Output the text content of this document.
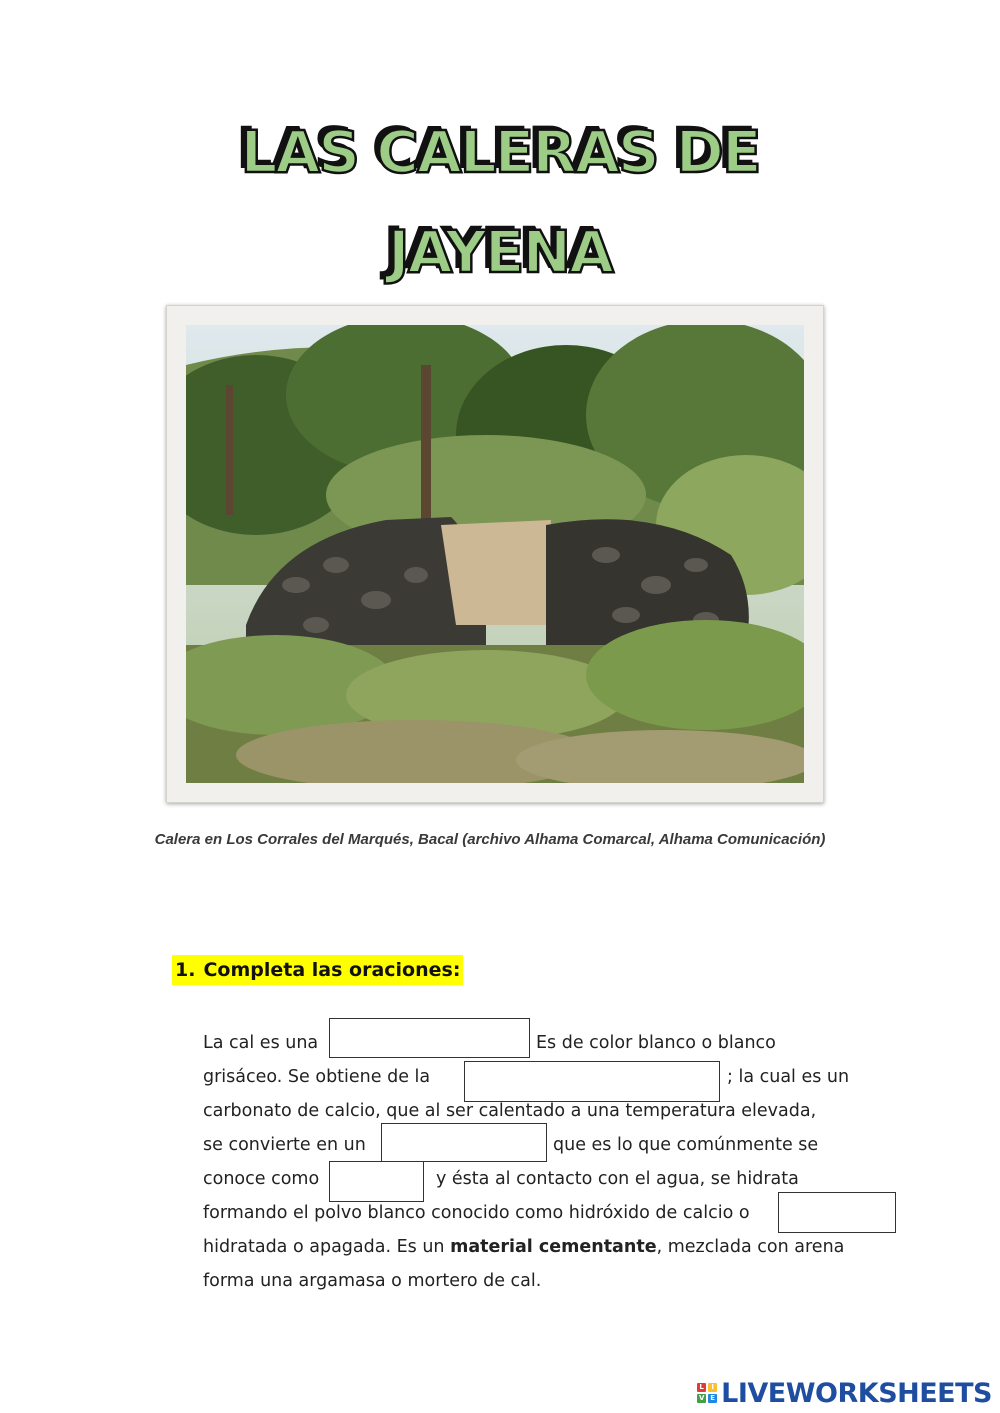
LAS CALERAS DE
JAYENA
Calera en Los Corrales del Marqués, Bacal (archivo Alhama Comarcal, Alhama Comunicación)
1. Completa las oraciones:
La cal es una	Es de color blanco o blanco
grisáceo. Se obtiene de la	; la cual es un
carbonato de calcio, que al ser calentado a una temperatura elevada,
se convierte en un	que es lo que comúnmente se
conoce como	y ésta al contacto con el agua, se hidrata
formando el polvo blanco conocido como hidróxido de calcio o
hidratada o apagada. Es un material cementante, mezclada con arena
forma una argamasa o mortero de cal.
L	I
V E LIVEWORKSHEETS
